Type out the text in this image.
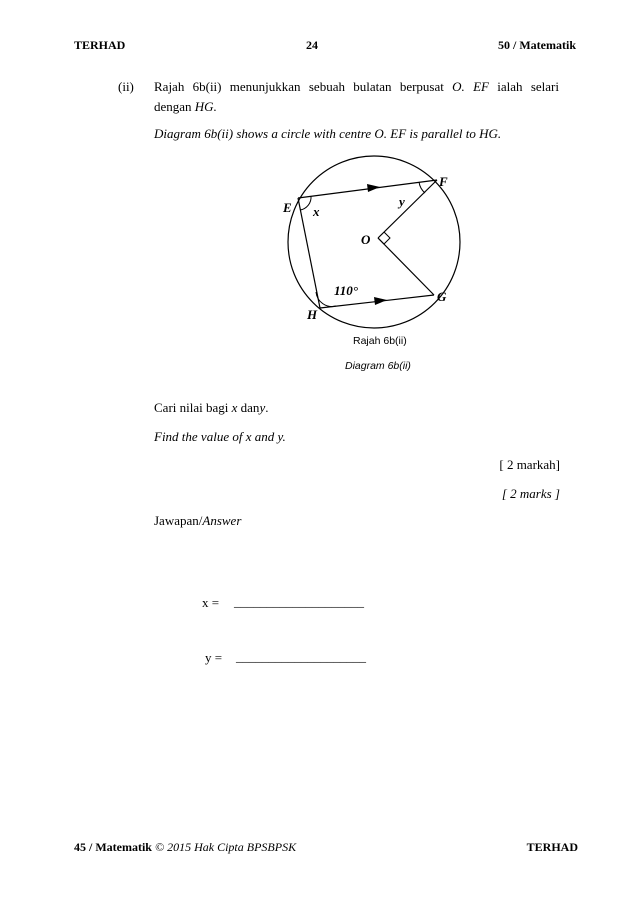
TERHAD	24	50 / Matematik
(ii) Rajah 6b(ii) menunjukkan sebuah bulatan berpusat O. EF ialah selari
dengan HG.
Diagram 6b(ii) shows a circle with centre O. EF is parallel to HG.
F
E
G
H
O
x
y
110°
Rajah 6b(ii)
Diagram 6b(ii)
Cari nilai bagi x dany.
Find the value of x and y.
[ 2 markah]
[ 2 marks ]
Jawapan/Answer
x = ____________________
y = ____________________
45 / Matematik © 2015 Hak Cipta BPSBPSK	TERHAD
